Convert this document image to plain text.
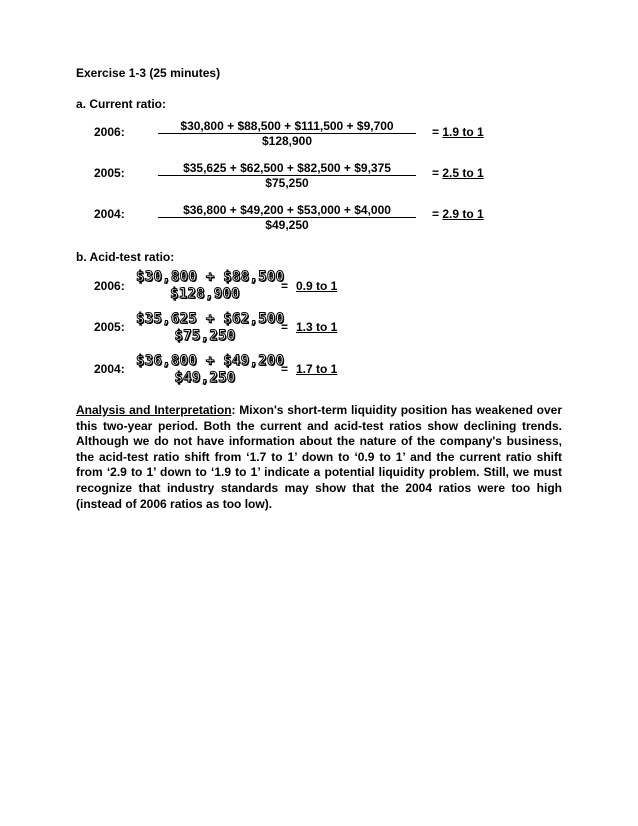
Exercise 1-3 (25 minutes)
a. Current ratio:
2006:	$30,800 + $88,500 + $111,500 + $9,700
$128,900
= 1.9 to 1
2005:	$35,625 + $62,500 + $82,500 + $9,375
$75,250
= 2.5 to 1
2004:	$36,800 + $49,200 + $53,000 + $4,000
$49,250
= 2.9 to 1
b. Acid-test ratio:
2006:
$30,800 + $88,500
$128,900	= 0.9 to 1
2005: $35,625 + $62,500
$75,250
= 1.3 to 1
2004: $36,800 + $49,200
$49,250
= 1.7 to 1
Analysis and Interpretation: Mixon's short-term liquidity position has weakened over this two-year period. Both the current and acid-test ratios show declining trends. Although we do not have information about the nature of the company's business, the acid-test ratio shift from ‘1.7 to 1’ down to ‘0.9 to 1’ and the current ratio shift from ‘2.9 to 1’ down to ‘1.9 to 1’ indicate a potential liquidity problem. Still, we must recognize that industry standards may show that the 2004 ratios were too high (instead of 2006 ratios as too low).
